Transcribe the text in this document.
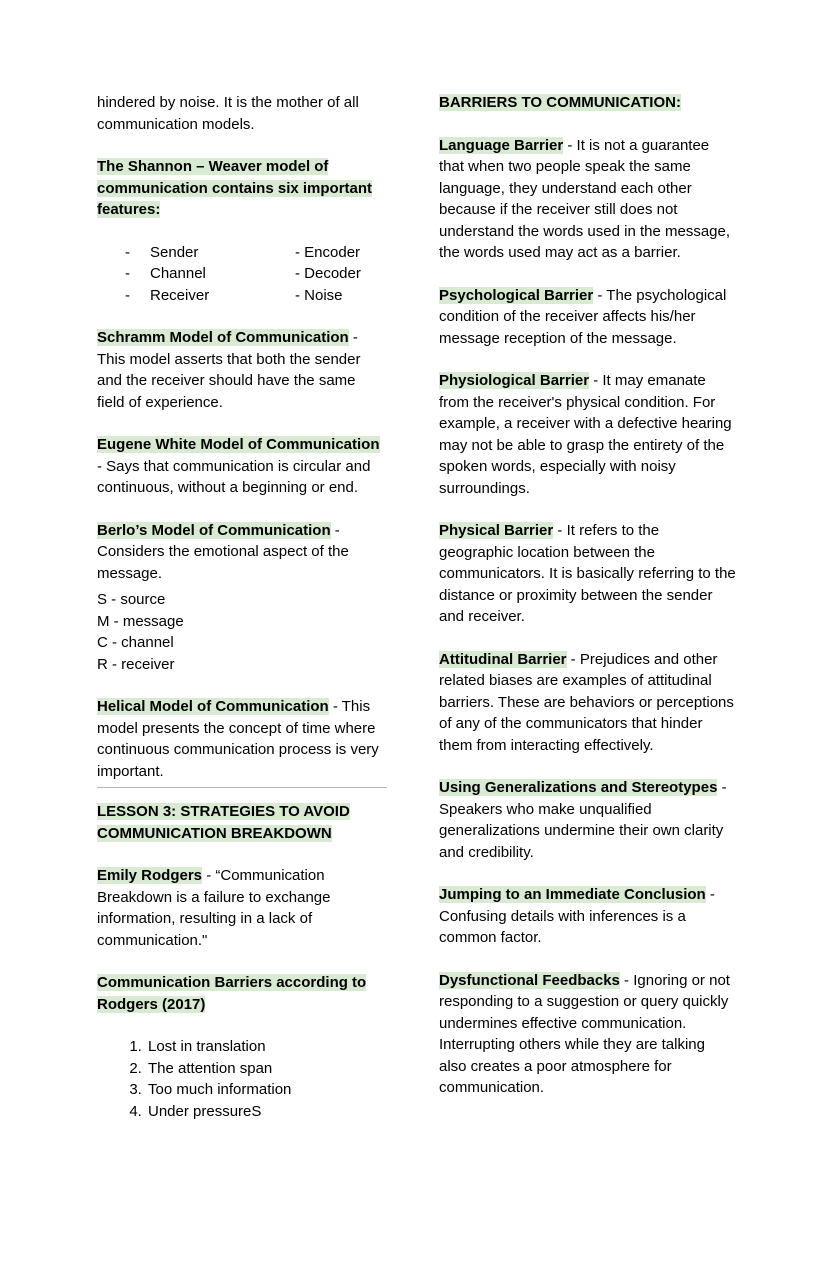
hindered by noise. It is the mother of all communication models.

The Shannon – Weaver model of communication contains six important features:

-	Sender	- Encoder
-	Channel	- Decoder
-	Receiver	- Noise

Schramm Model of Communication - This model asserts that both the sender and the receiver should have the same field of experience.

Eugene White Model of Communication - Says that communication is circular and continuous, without a beginning or end.

Berlo’s Model of Communication - Considers the emotional aspect of the message.

S - source
M - message
C - channel
R - receiver

Helical Model of Communication - This model presents the concept of time where continuous communication process is very important.

LESSON 3: STRATEGIES TO AVOID COMMUNICATION BREAKDOWN

Emily Rodgers - “Communication Breakdown is a failure to exchange information, resulting in a lack of communication."

Communication Barriers according to Rodgers (2017)

1. Lost in translation
2. The attention span
3. Too much information
4. Under pressureS

BARRIERS TO COMMUNICATION:

Language Barrier - It is not a guarantee that when two people speak the same language, they understand each other because if the receiver still does not understand the words used in the message, the words used may act as a barrier.

Psychological Barrier - The psychological condition of the receiver affects his/her message reception of the message.

Physiological Barrier - It may emanate from the receiver's physical condition. For example, a receiver with a defective hearing may not be able to grasp the entirety of the spoken words, especially with noisy surroundings.

Physical Barrier - It refers to the geographic location between the communicators. It is basically referring to the distance or proximity between the sender and receiver.

Attitudinal Barrier - Prejudices and other related biases are examples of attitudinal barriers. These are behaviors or perceptions of any of the communicators that hinder them from interacting effectively.

Using Generalizations and Stereotypes - Speakers who make unqualified generalizations undermine their own clarity and credibility.

Jumping to an Immediate Conclusion - Confusing details with inferences is a common factor.

Dysfunctional Feedbacks - Ignoring or not responding to a suggestion or query quickly undermines effective communication. Interrupting others while they are talking also creates a poor atmosphere for communication.
